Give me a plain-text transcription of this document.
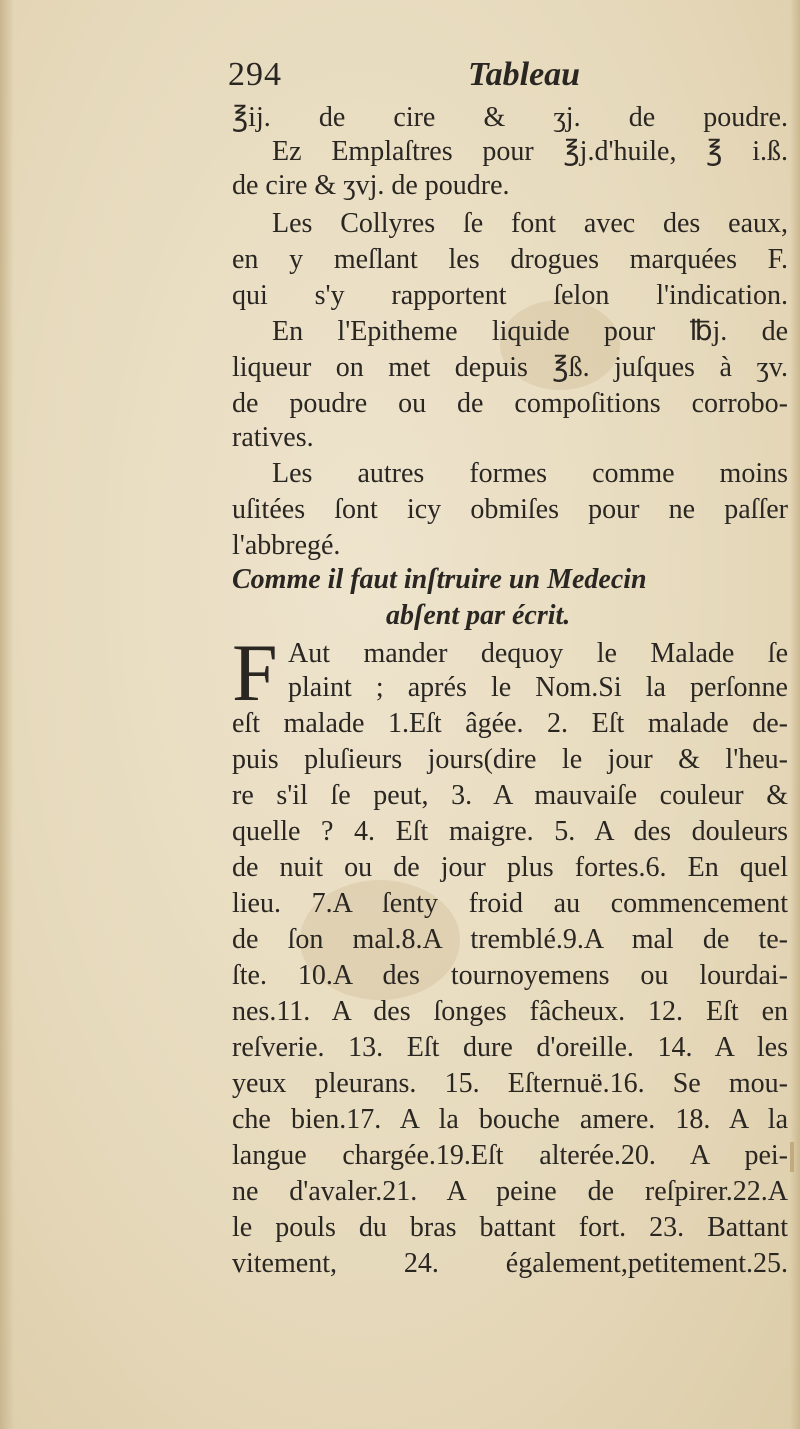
294	Tableau
℥ij. de cire & ʒj. de poudre.
Ez Emplaſtres pour ℥j.d'huile, ℥ i.ß.
de cire & ʒvj. de poudre.
Les Collyres ſe font avec des eaux,
en y meſlant les drogues marquées F.
qui s'y rapportent ſelon l'indication.
En l'Epitheme liquide pour ℔j. de
liqueur on met depuis ℥ß. juſques à ʒv.
de poudre ou de compoſitions corrobo-
ratives.
Les autres formes comme moins
uſitées ſont icy obmiſes pour ne paſſer
l'abbregé.
Comme il faut inſtruire un Medecin
abſent par écrit.
F Aut mander dequoy le Malade ſe
plaint ; aprés le Nom.Si la perſonne
eſt malade 1.Eſt âgée. 2. Eſt malade de-
puis pluſieurs jours(dire le jour & l'heu-
re s'il ſe peut, 3. A mauvaiſe couleur &
quelle ? 4. Eſt maigre. 5. A des douleurs
de nuit ou de jour plus fortes.6. En quel
lieu. 7.A ſenty froid au commencement
de ſon mal.8.A tremblé.9.A mal de te-
ſte. 10.A des tournoyemens ou lourdai-
nes.11. A des ſonges fâcheux. 12. Eſt en
reſverie. 13. Eſt dure d'oreille. 14. A les
yeux pleurans. 15. Eſternuë.16. Se mou-
che bien.17. A la bouche amere. 18. A la
langue chargée.19.Eſt alterée.20. A pei-
ne d'avaler.21. A peine de reſpirer.22.A
le pouls du bras battant fort. 23. Battant
vitement, 24. également,petitement.25.
